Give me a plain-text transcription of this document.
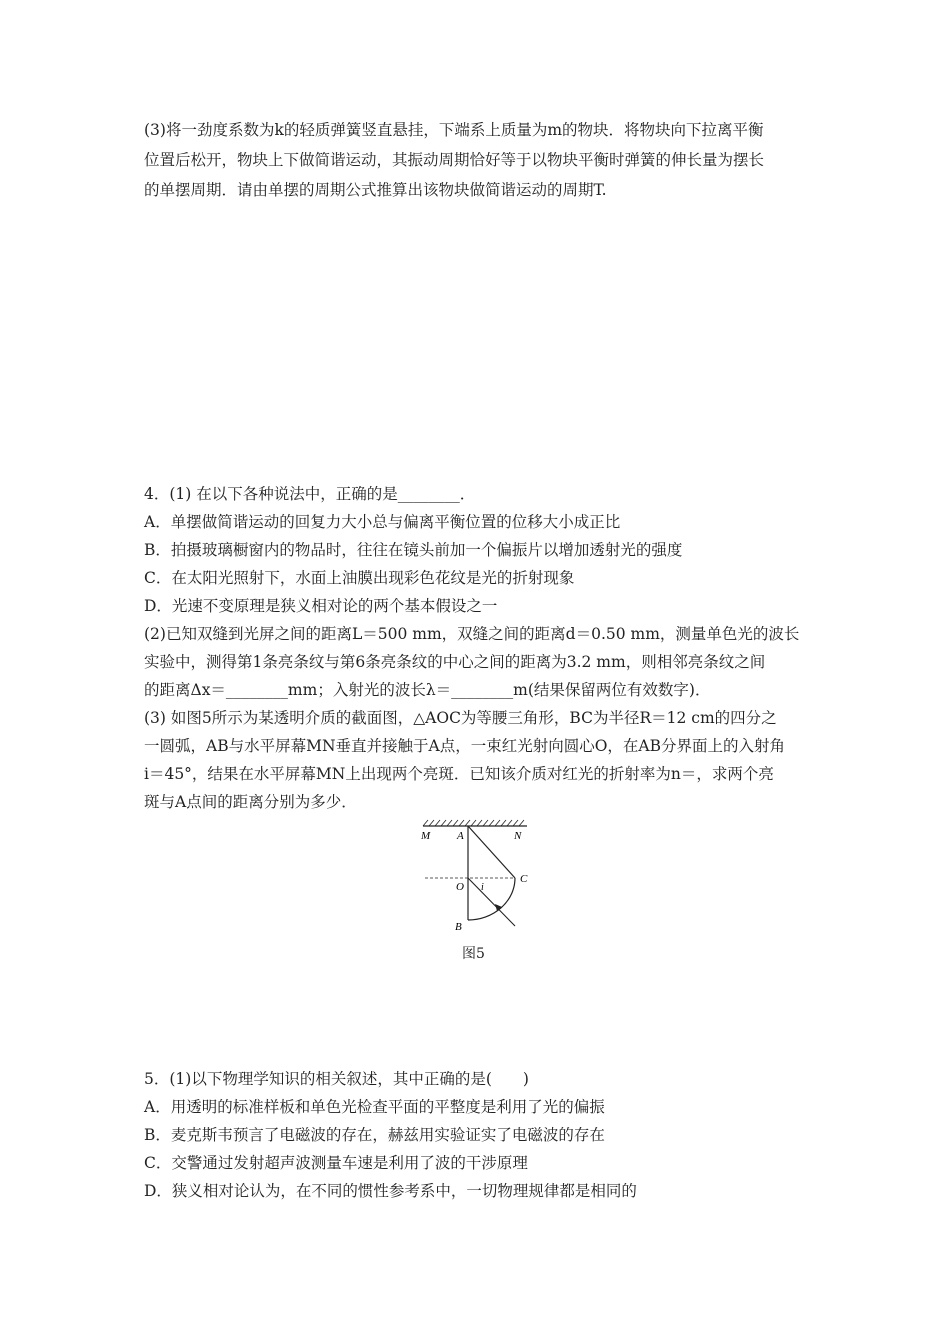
(3)将一劲度系数为k的轻质弹簧竖直悬挂，下端系上质量为m的物块．将物块向下拉离平衡
位置后松开，物块上下做简谐运动，其振动周期恰好等于以物块平衡时弹簧的伸长量为摆长
的单摆周期．请由单摆的周期公式推算出该物块做简谐运动的周期T.
4．(1) 在以下各种说法中，正确的是________．
A．单摆做简谐运动的回复力大小总与偏离平衡位置的位移大小成正比
B．拍摄玻璃橱窗内的物品时，往往在镜头前加一个偏振片以增加透射光的强度
C．在太阳光照射下，水面上油膜出现彩色花纹是光的折射现象
D．光速不变原理是狭义相对论的两个基本假设之一
(2)已知双缝到光屏之间的距离L＝500 mm，双缝之间的距离d＝0.50 mm，测量单色光的波长
实验中，测得第1条亮条纹与第6条亮条纹的中心之间的距离为3.2 mm，则相邻亮条纹之间
的距离Δx＝________mm；入射光的波长λ＝________m(结果保留两位有效数字)．
(3) 如图5所示为某透明介质的截面图，△AOC为等腰三角形，BC为半径R＝12 cm的四分之
一圆弧，AB与水平屏幕MN垂直并接触于A点，一束红光射向圆心O，在AB分界面上的入射角
i＝45°，结果在水平屏幕MN上出现两个亮斑．已知该介质对红光的折射率为n＝，求两个亮
斑与A点间的距离分别为多少．
M A	N
O i
C
B
图5
5．(1)以下物理学知识的相关叙述，其中正确的是(　　)
A．用透明的标准样板和单色光检查平面的平整度是利用了光的偏振
B．麦克斯韦预言了电磁波的存在，赫兹用实验证实了电磁波的存在
C．交警通过发射超声波测量车速是利用了波的干涉原理
D．狭义相对论认为，在不同的惯性参考系中，一切物理规律都是相同的
